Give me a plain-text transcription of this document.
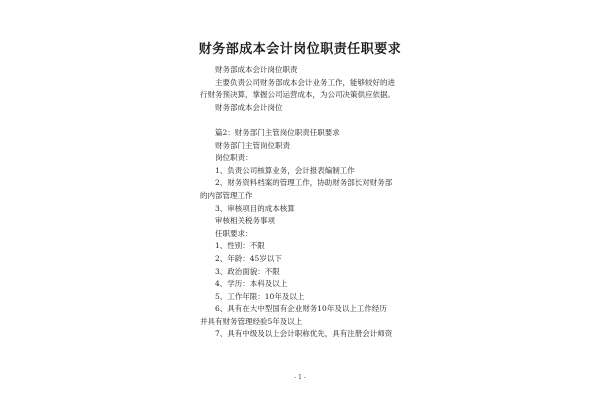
财务部成本会计岗位职责任职要求
财务部成本会计岗位职责
主要负责公司财务部成本会计业务工作，能够较好的进
行财务预决算，掌握公司运营成本，为公司决策供应依据。
财务部成本会计岗位
篇2：财务部门主管岗位职责任职要求
财务部门主管岗位职责
岗位职责：
1、负责公司核算业务，会计报表编制工作
2、财务资料档案的管理工作，协助财务部长对财务部
的内部管理工作
3、审核项目的成本核算
审核相关税务事项
任职要求：
1、性别：不限
2、年龄：45岁以下
3、政治面貌：不限
4、学历：本科及以上
5、工作年限：10年及以上
6、具有在大中型国有企业财务10年及以上工作经历
并具有财务管理经验5年及以上
7、具有中级及以上会计职称优先，具有注册会计师资
- 1 -
